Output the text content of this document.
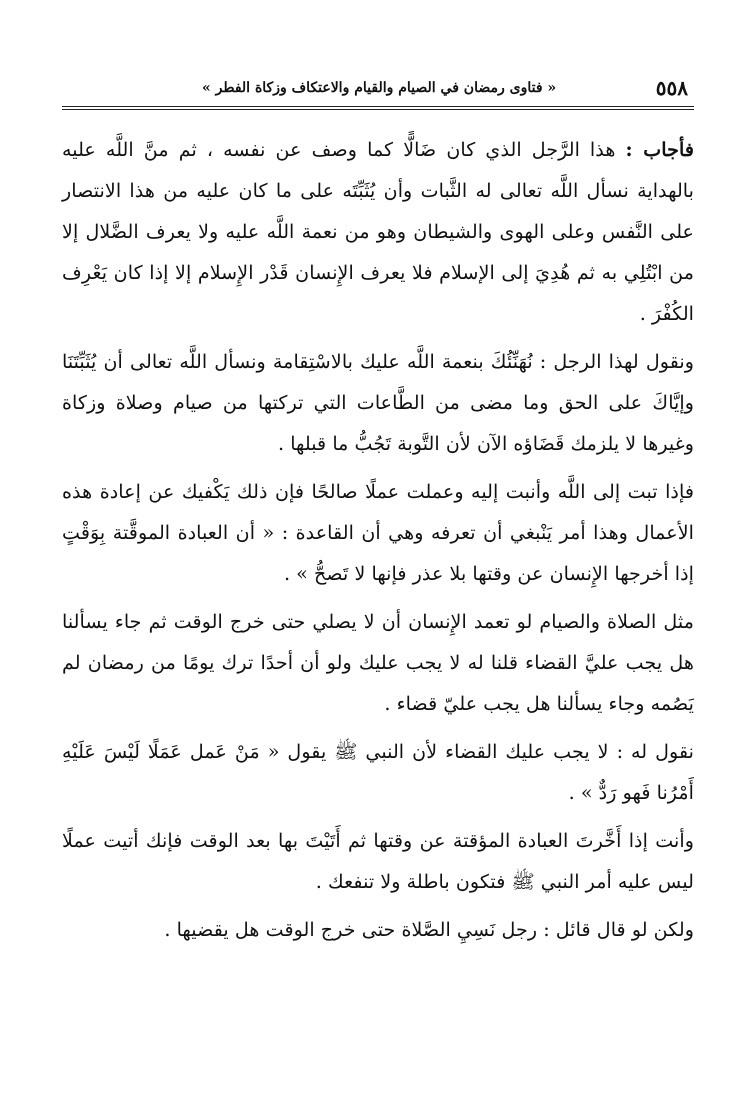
٥٥٨
« فتاوى رمضان في الصيام والقيام والاعتكاف وزكاة الفطر »

فأجاب : هذا الرَّجل الذي كان ضَالًّا كما وصف عن نفسه ، ثم منَّ اللَّه عليه بالهداية نسأل اللَّه تعالى له الثَّبات وأن يُثَبِّتَه على ما كان عليه من هذا الانتصار على النَّفس وعلى الهوى والشيطان وهو من نعمة اللَّه عليه ولا يعرف الضَّلال إلا من ابْتُلِي به ثم هُدِيَ إلى الإسلام فلا يعرف الإِنسان قَدْر الإِسلام إلا إذا كان يَعْرِف الكُفْرَ .

ونقول لهذا الرجل : نُهَنِّئُكَ بنعمة اللَّه عليك بالاسْتِقامة ونسأل اللَّه تعالى أن يُثَبِّتَنَا وإيَّاكَ على الحق وما مضى من الطَّاعات التي تركتها من صيام وصلاة وزكاة وغيرها لا يلزمك قَضَاؤه الآن لأن التَّوبة تَجُبُّ ما قبلها .

فإذا تبت إلى اللَّه وأنبت إليه وعملت عملًا صالحًا فإن ذلك يَكْفيك عن إعادة هذه الأعمال وهذا أمر يَنْبغي أن تعرفه وهي أن القاعدة : « أن العبادة الموقَّتة بِوَقْتٍ إذا أخرجها الإِنسان عن وقتها بلا عذر فإنها لا تَصحُّ » .

مثل الصلاة والصيام لو تعمد الإِنسان أن لا يصلي حتى خرج الوقت ثم جاء يسألنا هل يجب عليَّ القضاء قلنا له لا يجب عليك ولو أن أحدًا ترك يومًا من رمضان لم يَصُمه وجاء يسألنا هل يجب عليّ قضاء .

نقول له : لا يجب عليك القضاء لأن النبي ﷺ يقول « مَنْ عَمل عَمَلًا لَيْسَ عَلَيْهِ أَمْرُنا فَهو رَدٌّ » .

وأنت إذا أَخَّرتَ العبادة المؤقتة عن وقتها ثم أَتَيْتَ بها بعد الوقت فإنك أتيت عملًا ليس عليه أمر النبي ﷺ فتكون باطلة ولا تنفعك .

ولكن لو قال قائل : رجل نَسِيِ الصَّلاة حتى خرج الوقت هل يقضيها .
